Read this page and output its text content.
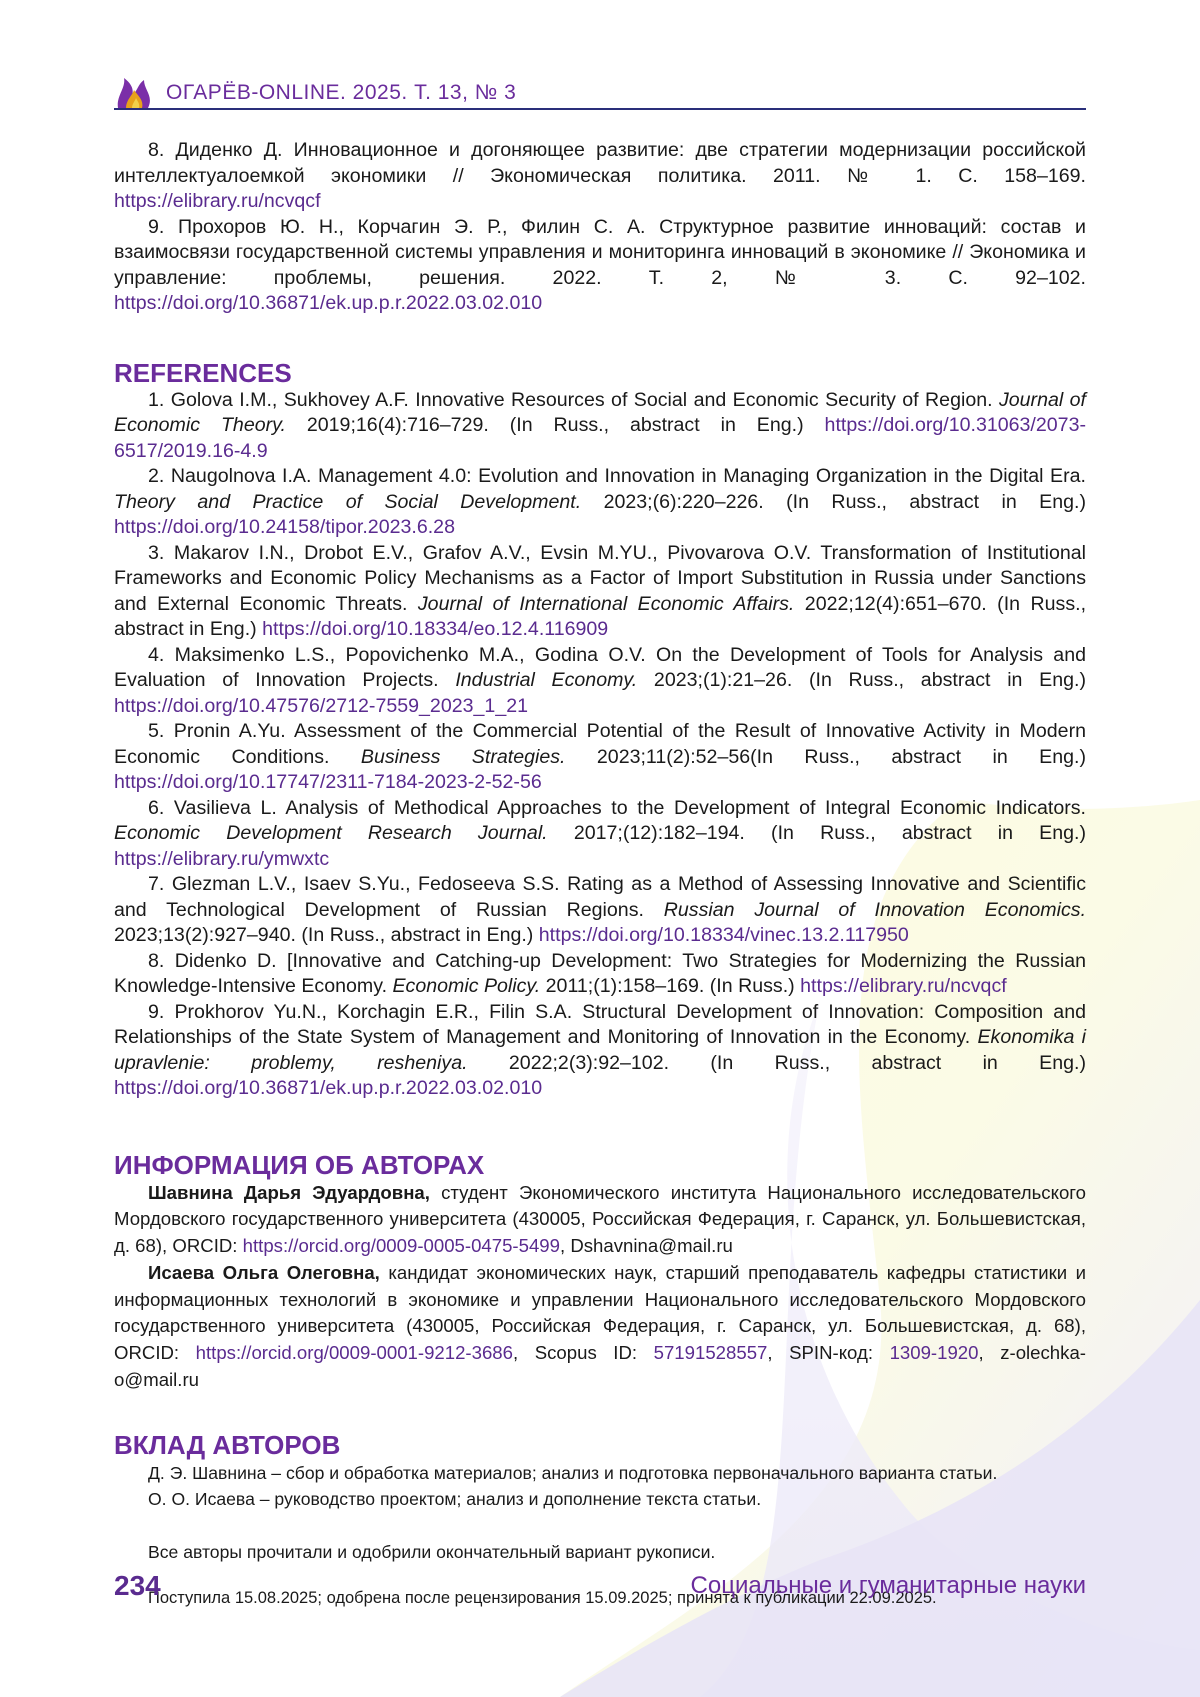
ОГАРЁВ-ONLINE. 2025. Т. 13, № 3

8. Диденко Д. Инновационное и догоняющее развитие: две стратегии модернизации российской интеллектуалоемкой экономики // Экономическая политика. 2011. № 1. С. 158–169. https://elibrary.ru/ncvqcf

9. Прохоров Ю. Н., Корчагин Э. Р., Филин С. А. Структурное развитие инноваций: состав и взаимосвязи государственной системы управления и мониторинга инноваций в экономике // Экономика и управление: проблемы, решения. 2022. Т. 2, № 3. С. 92–102. https://doi.org/10.36871/ek.up.p.r.2022.03.02.010

REFERENCES

1. Golova I.M., Sukhovey A.F. Innovative Resources of Social and Economic Security of Region. Journal of Economic Theory. 2019;16(4):716–729. (In Russ., abstract in Eng.) https://doi.org/10.31063/2073-6517/2019.16-4.9

2. Naugolnova I.A. Management 4.0: Evolution and Innovation in Managing Organization in the Digital Era. Theory and Practice of Social Development. 2023;(6):220–226. (In Russ., abstract in Eng.) https://doi.org/10.24158/tipor.2023.6.28

3. Makarov I.N., Drobot E.V., Grafov A.V., Evsin M.YU., Pivovarova O.V. Transformation of Institutional Frameworks and Economic Policy Mechanisms as a Factor of Import Substitution in Russia under Sanctions and External Economic Threats. Journal of International Economic Affairs. 2022;12(4):651–670. (In Russ., abstract in Eng.) https://doi.org/10.18334/eo.12.4.116909

4. Maksimenko L.S., Popovichenko M.A., Godina O.V. On the Development of Tools for Analysis and Evaluation of Innovation Projects. Industrial Economy. 2023;(1):21–26. (In Russ., abstract in Eng.) https://doi.org/10.47576/2712-7559_2023_1_21

5. Pronin A.Yu. Assessment of the Commercial Potential of the Result of Innovative Activity in Modern Economic Conditions. Business Strategies. 2023;11(2):52–56(In Russ., abstract in Eng.) https://doi.org/10.17747/2311-7184-2023-2-52-56

6. Vasilieva L. Analysis of Methodical Approaches to the Development of Integral Economic Indicators. Economic Development Research Journal. 2017;(12):182–194. (In Russ., abstract in Eng.) https://elibrary.ru/ymwxtc

7. Glezman L.V., Isaev S.Yu., Fedoseeva S.S. Rating as a Method of Assessing Innovative and Scientific and Technological Development of Russian Regions. Russian Journal of Innovation Economics. 2023;13(2):927–940. (In Russ., abstract in Eng.) https://doi.org/10.18334/vinec.13.2.117950

8. Didenko D. [Innovative and Catching-up Development: Two Strategies for Modernizing the Russian Knowledge-Intensive Economy. Economic Policy. 2011;(1):158–169. (In Russ.) https://elibrary.ru/ncvqcf

9. Prokhorov Yu.N., Korchagin E.R., Filin S.A. Structural Development of Innovation: Composition and Relationships of the State System of Management and Monitoring of Innovation in the Economy. Ekonomika i upravlenie: problemy, resheniya. 2022;2(3):92–102. (In Russ., abstract in Eng.) https://doi.org/10.36871/ek.up.p.r.2022.03.02.010

ИНФОРМАЦИЯ ОБ АВТОРАХ

Шавнина Дарья Эдуардовна, студент Экономического института Национального исследовательского Мордовского государственного университета (430005, Российская Федерация, г. Саранск, ул. Большевистская, д. 68), ORCID: https://orcid.org/0009-0005-0475-5499, Dshavnina@mail.ru

Исаева Ольга Олеговна, кандидат экономических наук, старший преподаватель кафедры статистики и информационных технологий в экономике и управлении Национального исследовательского Мордовского государственного университета (430005, Российская Федерация, г. Саранск, ул. Большевистская, д. 68), ORCID: https://orcid.org/0009-0001-9212-3686, Scopus ID: 57191528557, SPIN-код: 1309-1920, z-olechka-o@mail.ru

ВКЛАД АВТОРОВ

Д. Э. Шавнина – сбор и обработка материалов; анализ и подготовка первоначального варианта статьи.

О. О. Исаева – руководство проектом; анализ и дополнение текста статьи.

Все авторы прочитали и одобрили окончательный вариант рукописи.

Поступила 15.08.2025; одобрена после рецензирования 15.09.2025; принята к публикации 22.09.2025.

234	Социальные и гуманитарные науки
